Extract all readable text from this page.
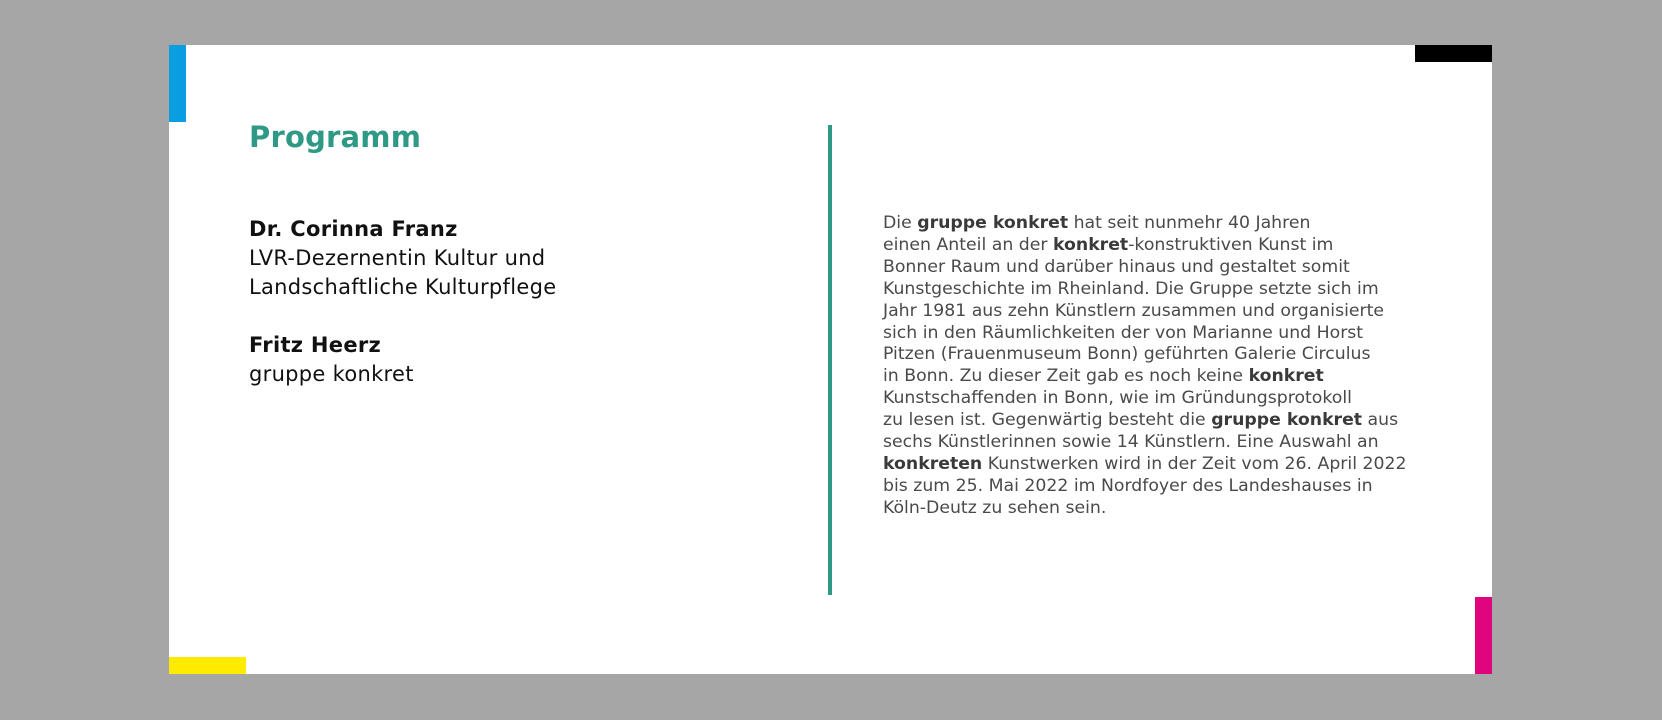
Programm
Dr. Corinna Franz
LVR-Dezernentin Kultur und
Landschaftliche Kulturpflege
Fritz Heerz
gruppe konkret

Die gruppe konkret hat seit nunmehr 40 Jahren
einen Anteil an der konkret-konstruktiven Kunst im
Bonner Raum und darüber hinaus und gestaltet somit
Kunstgeschichte im Rheinland. Die Gruppe setzte sich im
Jahr 1981 aus zehn Künstlern zusammen und organisierte
sich in den Räumlichkeiten der von Marianne und Horst
Pitzen (Frauenmuseum Bonn) geführten Galerie Circulus
in Bonn. Zu dieser Zeit gab es noch keine konkret
Kunstschaffenden in Bonn, wie im Gründungsprotokoll
zu lesen ist. Gegenwärtig besteht die gruppe konkret aus
sechs Künstlerinnen sowie 14 Künstlern. Eine Auswahl an
konkreten Kunstwerken wird in der Zeit vom 26. April 2022
bis zum 25. Mai 2022 im Nordfoyer des Landeshauses in
Köln-Deutz zu sehen sein.
